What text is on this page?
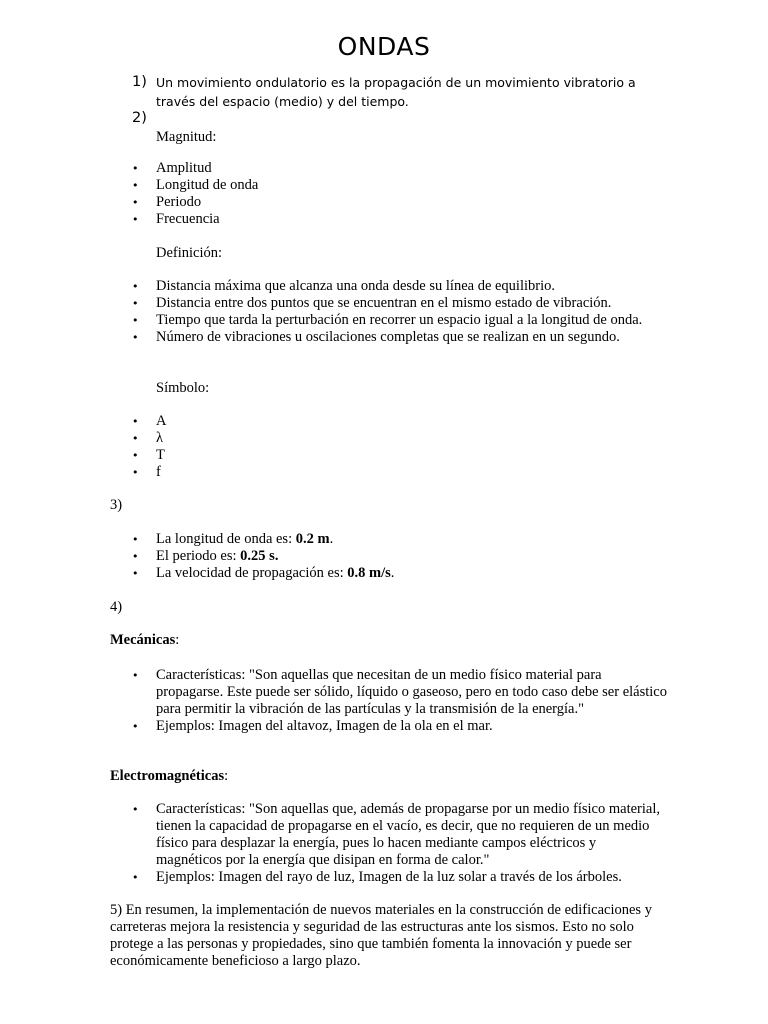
ONDAS
1) Un movimiento ondulatorio es la propagación de un movimiento vibratorio a través del espacio (medio) y del tiempo.
2)
Magnitud:
• Amplitud
• Longitud de onda
• Periodo
• Frecuencia
Definición:
• Distancia máxima que alcanza una onda desde su línea de equilibrio.
• Distancia entre dos puntos que se encuentran en el mismo estado de vibración.
• Tiempo que tarda la perturbación en recorrer un espacio igual a la longitud de onda.
• Número de vibraciones u oscilaciones completas que se realizan en un segundo.
Símbolo:
• A
• λ
• T
• f
3)
• La longitud de onda es: 0.2 m.
• El periodo es: 0.25 s.
• La velocidad de propagación es: 0.8 m/s.
4)
Mecánicas:
• Características: "Son aquellas que necesitan de un medio físico material para propagarse. Este puede ser sólido, líquido o gaseoso, pero en todo caso debe ser elástico para permitir la vibración de las partículas y la transmisión de la energía."
• Ejemplos: Imagen del altavoz, Imagen de la ola en el mar.
Electromagnéticas:
• Características: "Son aquellas que, además de propagarse por un medio físico material, tienen la capacidad de propagarse en el vacío, es decir, que no requieren de un medio físico para desplazar la energía, pues lo hacen mediante campos eléctricos y magnéticos por la energía que disipan en forma de calor."
• Ejemplos: Imagen del rayo de luz, Imagen de la luz solar a través de los árboles.
5) En resumen, la implementación de nuevos materiales en la construcción de edificaciones y carreteras mejora la resistencia y seguridad de las estructuras ante los sismos. Esto no solo protege a las personas y propiedades, sino que también fomenta la innovación y puede ser económicamente beneficioso a largo plazo.
